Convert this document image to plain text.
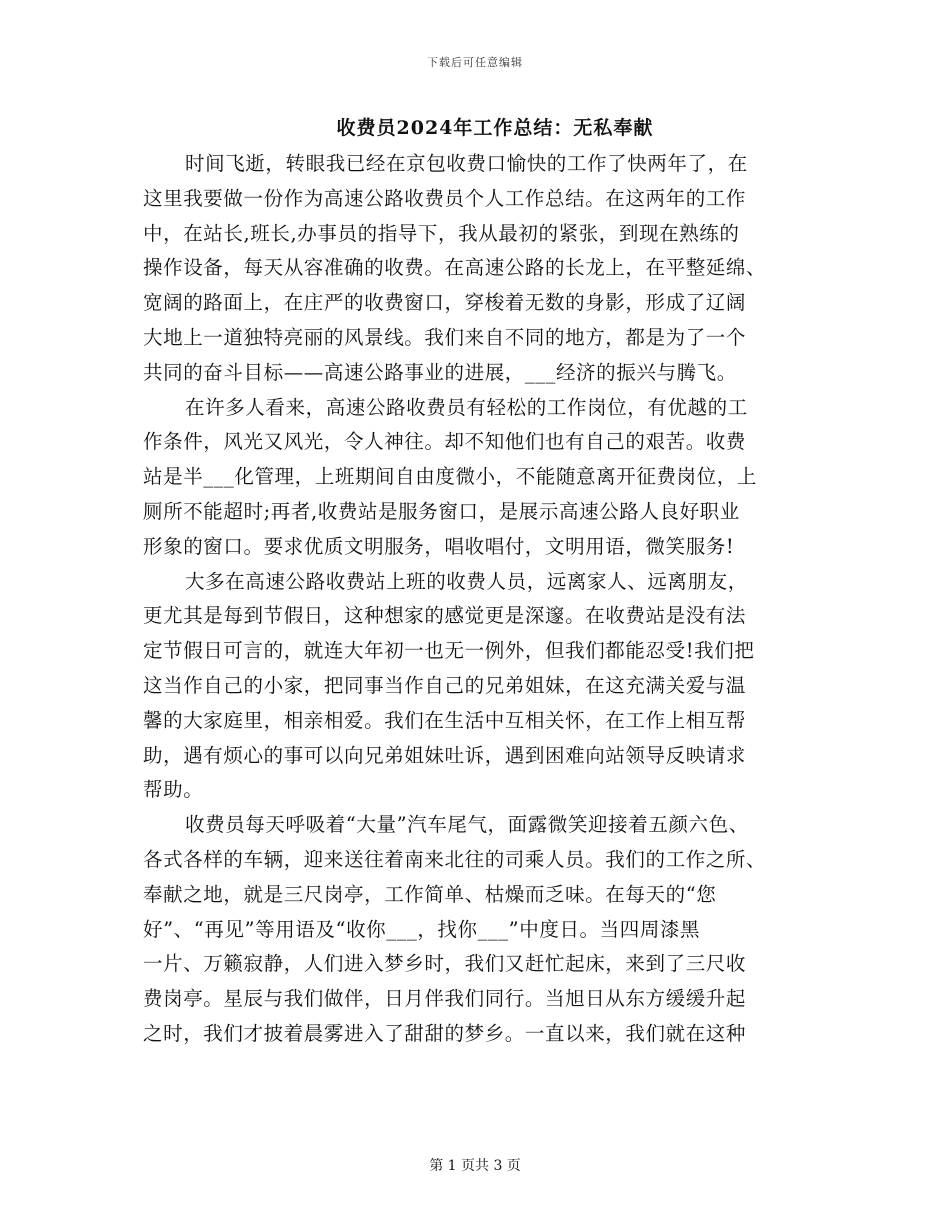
下载后可任意编辑
收费员2024年工作总结：无私奉献
时间飞逝，转眼我已经在京包收费口愉快的工作了快两年了，在
这里我要做一份作为高速公路收费员个人工作总结。在这两年的工作
中，在站长,班长,办事员的指导下，我从最初的紧张，到现在熟练的
操作设备，每天从容准确的收费。在高速公路的长龙上，在平整延绵、
宽阔的路面上，在庄严的收费窗口，穿梭着无数的身影，形成了辽阔
大地上一道独特亮丽的风景线。我们来自不同的地方，都是为了一个
共同的奋斗目标——高速公路事业的进展，___经济的振兴与腾飞。
在许多人看来，高速公路收费员有轻松的工作岗位，有优越的工
作条件，风光又风光，令人神往。却不知他们也有自己的艰苦。收费
站是半___化管理，上班期间自由度微小，不能随意离开征费岗位，上
厕所不能超时;再者,收费站是服务窗口，是展示高速公路人良好职业
形象的窗口。要求优质文明服务，唱收唱付，文明用语，微笑服务!
大多在高速公路收费站上班的收费人员，远离家人、远离朋友，
更尤其是每到节假日，这种想家的感觉更是深邃。在收费站是没有法
定节假日可言的，就连大年初一也无一例外，但我们都能忍受!我们把
这当作自己的小家，把同事当作自己的兄弟姐妹，在这充满关爱与温
馨的大家庭里，相亲相爱。我们在生活中互相关怀，在工作上相互帮
助，遇有烦心的事可以向兄弟姐妹吐诉，遇到困难向站领导反映请求
帮助。
收费员每天呼吸着“大量”汽车尾气，面露微笑迎接着五颜六色、
各式各样的车辆，迎来送往着南来北往的司乘人员。我们的工作之所、
奉献之地，就是三尺岗亭，工作简单、枯燥而乏味。在每天的“您
好”、“再见”等用语及“收你___，找你___”中度日。当四周漆黑
一片、万籁寂静，人们进入梦乡时，我们又赶忙起床，来到了三尺收
费岗亭。星辰与我们做伴，日月伴我们同行。当旭日从东方缓缓升起
之时，我们才披着晨雾进入了甜甜的梦乡。一直以来，我们就在这种
第 1 页共 3 页
